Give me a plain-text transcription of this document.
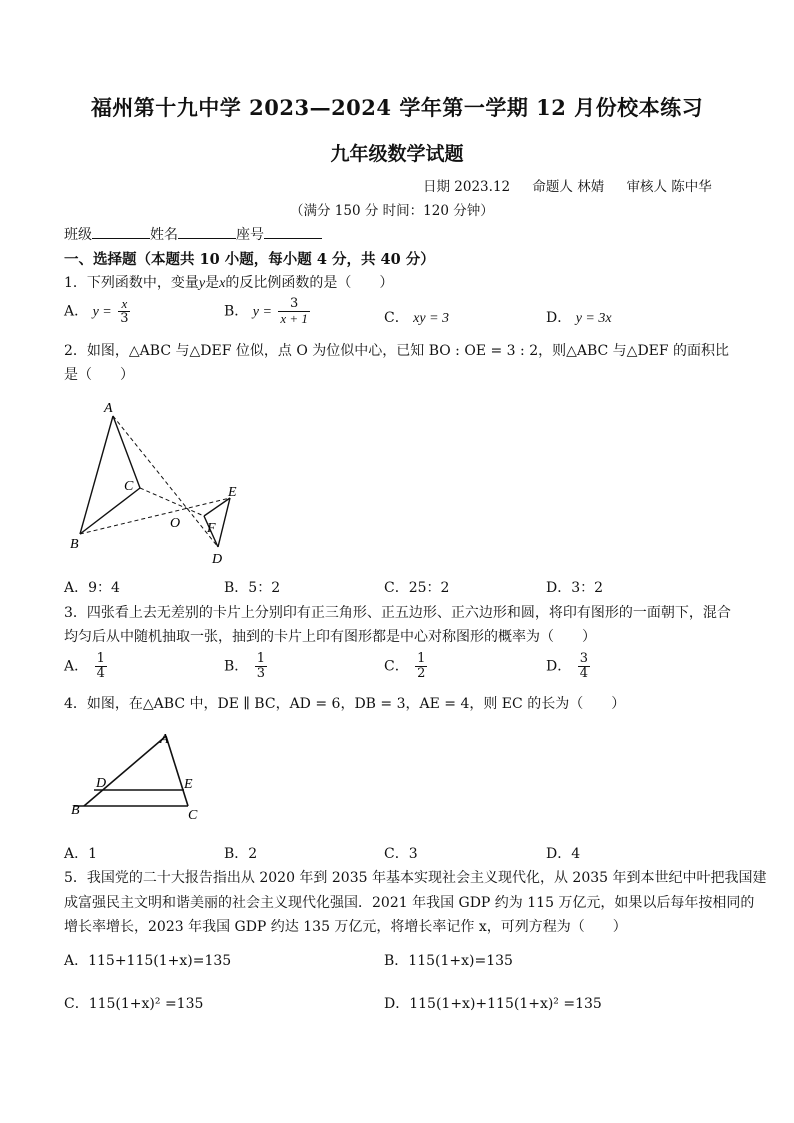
福州第十九中学 2023—2024 学年第一学期 12 月份校本练习
九年级数学试题
日期 2023.12 命题人 林婧 审核人 陈中华
（满分 150 分 时间：120 分钟）
班级	姓名	座号
一、选择题（本题共 10 小题，每小题 4 分，共 40 分）
1．下列函数中，变量y是x的反比例函数的是（　　）
A． $y = \frac{x}{3}$	B． $y = \frac{3}{x + 1}$	C． xy = 3	D． y = 3x
2．如图，△ABC 与△DEF 位似，点 O 为位似中心，已知 BO : OE = 3 : 2，则△ABC 与△DEF 的面积比
是（　　）
A
B
C
D
E
F
O
A．9：4	B．5：2	C．25：2	D．3：2
3．四张看上去无差别的卡片上分别印有正三角形、正五边形、正六边形和圆，将印有图形的一面朝下，混合
均匀后从中随机抽取一张，抽到的卡片上印有图形都是中心对称图形的概率为（　　）
A． $\frac{1}{4}$	B． $\frac{1}{3}$	C． $\frac{1}{2}$	D． $\frac{3}{4}$
4．如图，在△ABC 中，DE ∥ BC，AD = 6，DB = 3，AE = 4，则 EC 的长为（　　）
A
B	C
D	E
A．1	B．2	C．3	D．4
5．我国党的二十大报告指出从 2020 年到 2035 年基本实现社会主义现代化，从 2035 年到本世纪中叶把我国建
成富强民主文明和谐美丽的社会主义现代化强国．2021 年我国 GDP 约为 115 万亿元，如果以后每年按相同的
增长率增长，2023 年我国 GDP 约达 135 万亿元，将增长率记作 x，可列方程为（　　）
A．115+115(1+x)=135	B．115(1+x)=135
C．115(1+x)² =135	D．115(1+x)+115(1+x)² =135
